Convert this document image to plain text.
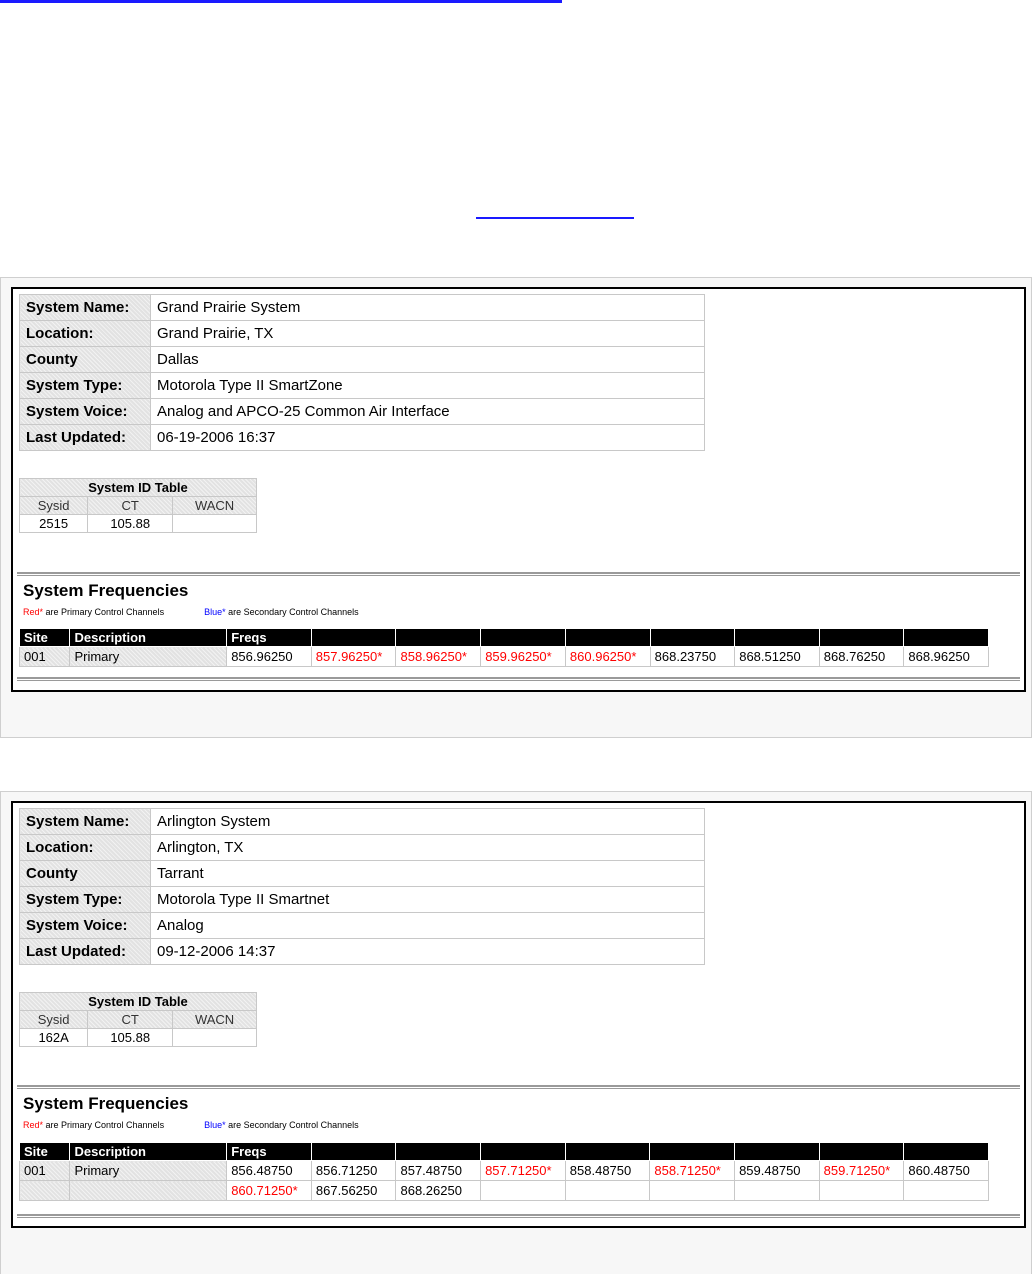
System Name:	Grand Prairie System
Location:	Grand Prairie, TX
County	Dallas
System Type:	Motorola Type II SmartZone
System Voice:	Analog and APCO-25 Common Air Interface
Last Updated:	06-19-2006 16:37
System ID Table		
Sysid	CT	WACN
2515	105.88	
System Frequencies
Red* are Primary Control Channels	Blue* are Secondary Control Channels
Site	Description	Freqs								
001	Primary	856.96250	857.96250*	858.96250*	859.96250*	860.96250*	868.23750	868.51250	868.76250	868.96250
System Name:	Arlington System
Location:	Arlington, TX
County	Tarrant
System Type:	Motorola Type II Smartnet
System Voice:	Analog
Last Updated:	09-12-2006 14:37
System ID Table		
Sysid	CT	WACN
162A	105.88	
System Frequencies
Red* are Primary Control Channels	Blue* are Secondary Control Channels
Site	Description	Freqs								
001	Primary	856.48750	856.71250	857.48750	857.71250*	858.48750	858.71250*	859.48750	859.71250*	860.48750
		860.71250*	867.56250	868.26250						
